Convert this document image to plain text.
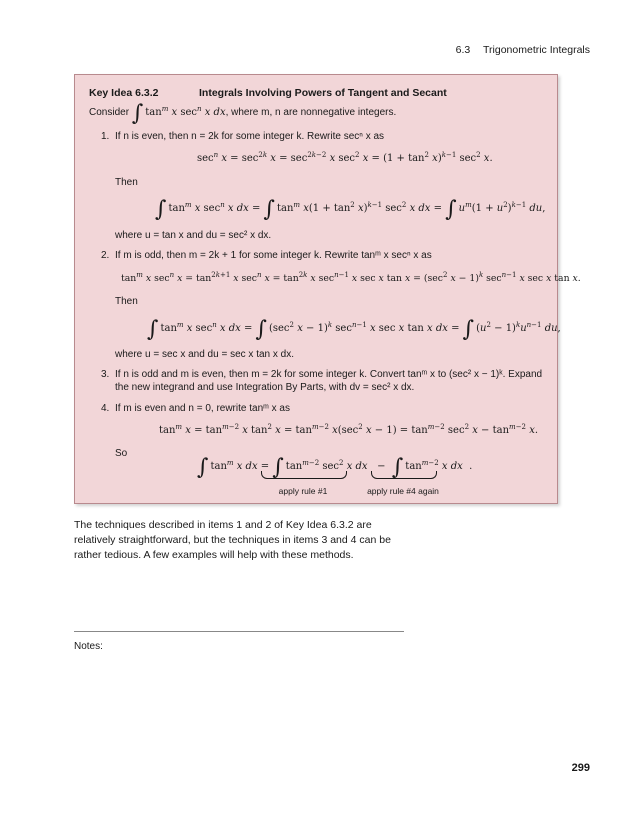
6.3 Trigonometric Integrals
Key Idea 6.3.2	Integrals Involving Powers of Tangent and Secant
Consider ∫ $\tan^m x$ $\sec^n x$ dx, where m, n are nonnegative integers.
1. If n is even, then n = 2k for some integer k. Rewrite secⁿ x as
$\sec^n x = \sec^{2k} x = \sec^{2k-2} x$ $\sec^2 x = (1 + \tan^2 x)^{k-1}$ $\sec^2 x$.
Then
∫ $\tan^m x$ $\sec^n x$ dx = ∫ $\tan^m x(1 + \tan^2 x)^{k-1}$ $\sec^2 x$ dx = ∫ $u^m(1 + u^2)^{k-1}$ du,
where u = tan x and du = sec² x dx.
2. If m is odd, then m = 2k + 1 for some integer k. Rewrite tanᵐ x secⁿ x as
$\tan^m x$ $\sec^n x = \tan^{2k+1} x$ $\sec^n x = \tan^{2k} x$ $\sec^{n-1} x$ sec x $\tan x = (\sec^2$ x − 1)$^k$ $\sec^{n-1} x$ sec x tan x.
Then
∫ $\tan^m x$ $\sec^n x$ dx = ∫ ($\sec^2$ x − 1)$^k$ $\sec^{n-1} x$ sec x tan x dx = ∫ $(u^2 - 1)^ku^{n-1}$ du,
where u = sec x and du = sec x tan x dx.
3. If n is odd and m is even, then m = 2k for some integer k. Convert tanᵐ x to (sec² x − 1)ᵏ. Expand
the new integrand and use Integration By Parts, with dv = sec² x dx.
4. If m is even and n = 0, rewrite tanᵐ x as
$\tan^m x = \tan^{m-2} x$ $\tan^2 x = \tan^{m-2} x(\sec^2$ $x - 1) = \tan^{m-2} \sec^2 x - \tan^{m-2} x$.
So
∫ $\tan^m x$ dx = ∫ $\tan^{m-2} \sec^2 x$ dx   −  ∫ $\tan^{m-2} x$ dx  .
apply rule #1	apply rule #4 again
The techniques described in items 1 and 2 of Key Idea 6.3.2 are relatively straightforward, but the techniques in items 3 and 4 can be rather tedious. A few examples will help with these methods.
Notes:
299
